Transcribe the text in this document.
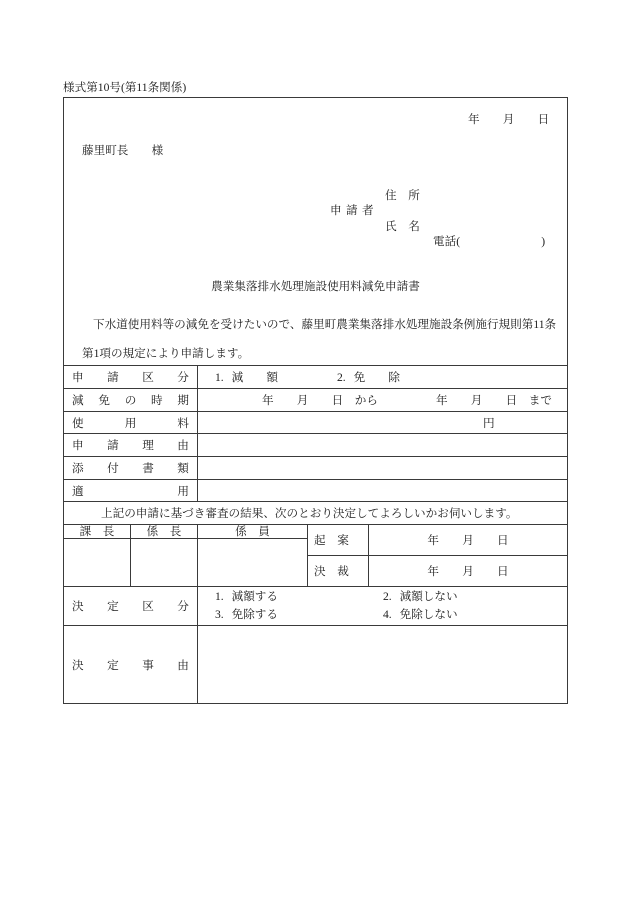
様式第10号(第11条関係)
年　　月　　日
藤里町長　　様
住　所
申請者
氏　名
電話(　　　　　　　)
農業集落排水処理施設使用料減免申請書
下水道使用料等の減免を受けたいので、藤里町農業集落排水処理施設条例施行規則第11条
第1項の規定により申請します。
申請区分 1. 減　　額	2. 免　　除
減免の時期	年　　月　　日　から	年　　月　　日　まで
使用料	円
申請理由
添付書類
適用
上記の申請に基づき審査の結果、次のとおり決定してよろしいかお伺いします。
課　長	係　長	係　員
起　案	年　　月　　日
決　裁	年　　月　　日
決定区分
1. 減額する	2. 減額しない
3. 免除する	4. 免除しない
決定事由
